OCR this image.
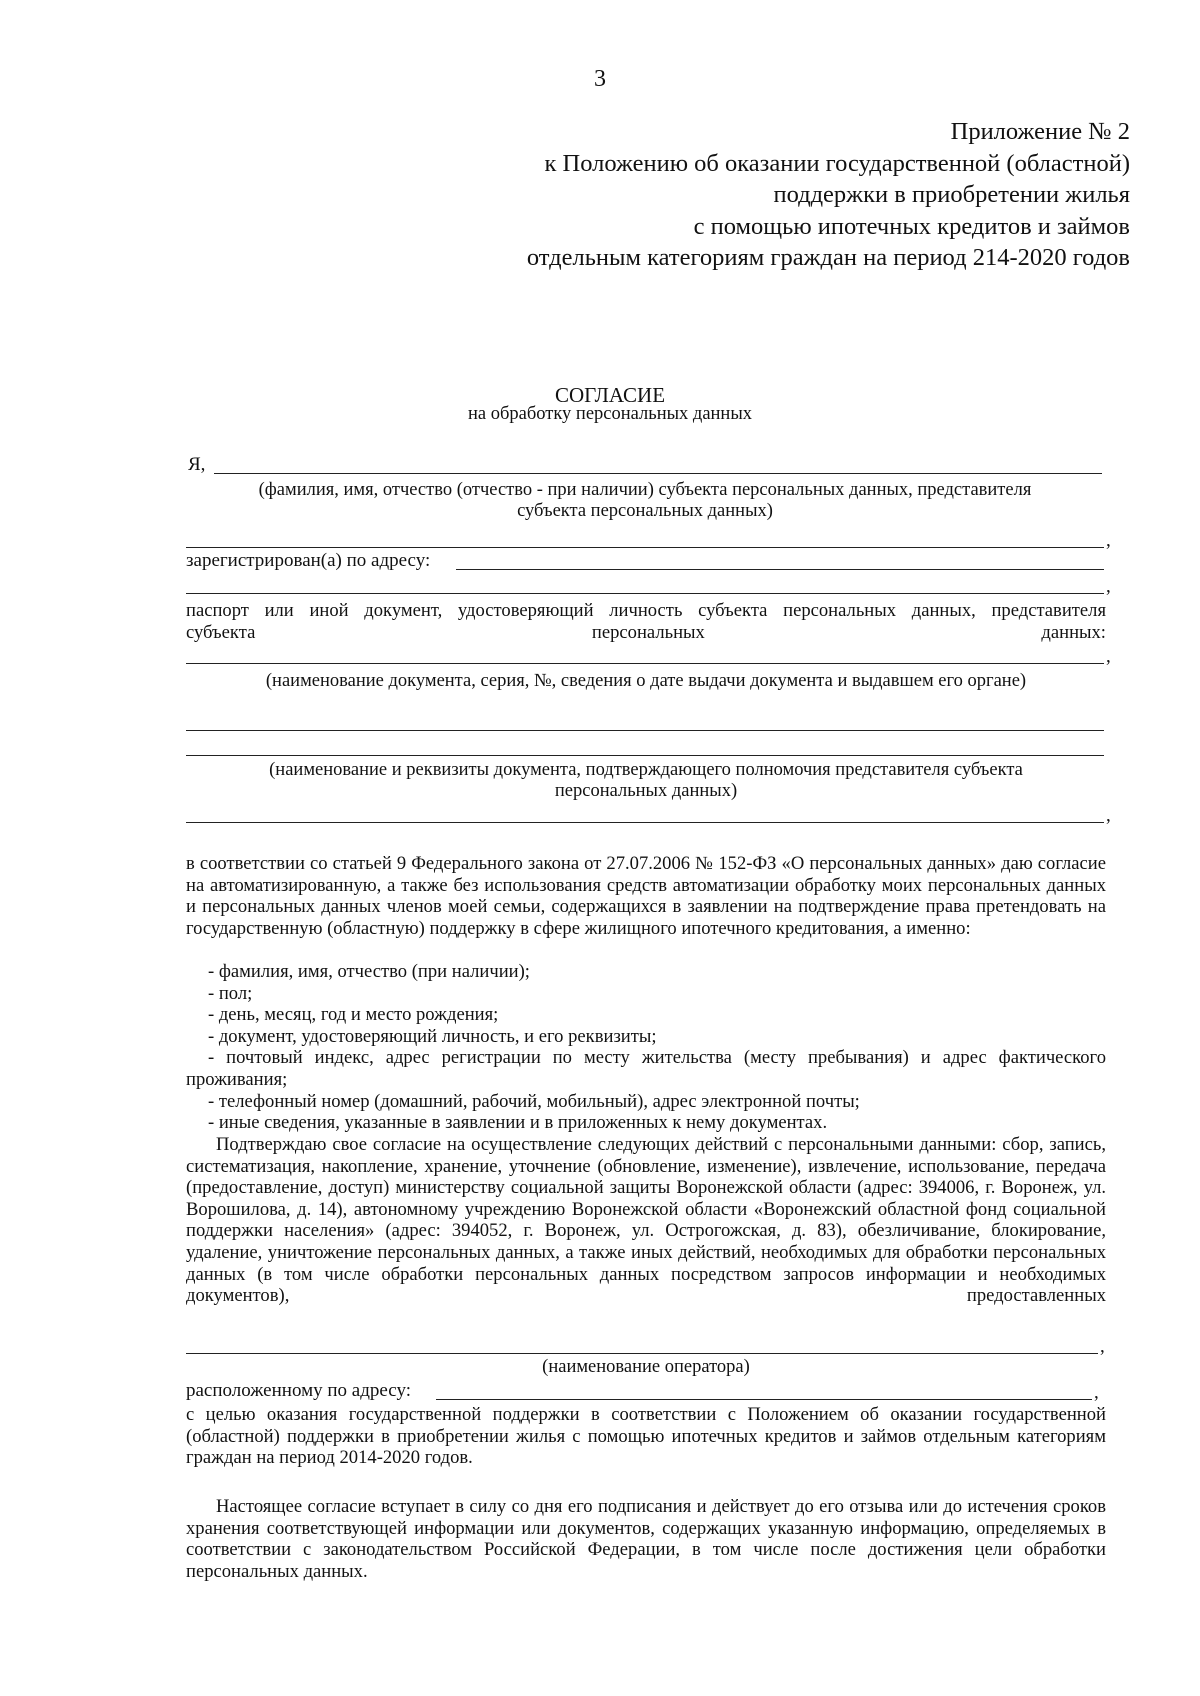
3
Приложение № 2
к Положению об оказании государственной (областной)
поддержки в приобретении жилья
с помощью ипотечных кредитов и займов
отдельным категориям граждан на период 214-2020 годов
СОГЛАСИЕ
на обработку персональных данных
Я,
(фамилия, имя, отчество (отчество - при наличии) субъекта персональных данных, представителя
субъекта персональных данных)
,
зарегистрирован(а) по адресу:
,
паспорт или иной документ, удостоверяющий личность субъекта персональных данных, представителя
субъекта	персональных	данных:
,
(наименование документа, серия, №, сведения о дате выдачи документа и выдавшем его органе)
(наименование и реквизиты документа, подтверждающего полномочия представителя субъекта
персональных данных)
,
в соответствии со статьей 9 Федерального закона от 27.07.2006 № 152-ФЗ «О персональных данных» даю согласие на автоматизированную, а также без использования средств автоматизации обработку моих персональных данных и персональных данных членов моей семьи, содержащихся в заявлении на подтверждение права претендовать на государственную (областную) поддержку в сфере жилищного ипотечного кредитования, а именно:
- фамилия, имя, отчество (при наличии);
- пол;
- день, месяц, год и место рождения;
- документ, удостоверяющий личность, и его реквизиты;
- почтовый индекс, адрес регистрации по месту жительства (месту пребывания) и адрес фактического проживания;
- телефонный номер (домашний, рабочий, мобильный), адрес электронной почты;
- иные сведения, указанные в заявлении и в приложенных к нему документах.
Подтверждаю свое согласие на осуществление следующих действий с персональными данными: сбор, запись, систематизация, накопление, хранение, уточнение (обновление, изменение), извлечение, использование, передача (предоставление, доступ) министерству социальной защиты Воронежской области (адрес: 394006, г. Воронеж, ул. Ворошилова, д. 14), автономному учреждению Воронежской области «Воронежский областной фонд социальной поддержки населения» (адрес: 394052, г. Воронеж, ул. Острогожская, д. 83), обезличивание, блокирование, удаление, уничтожение персональных данных, а также иных действий, необходимых для обработки персональных данных (в том числе обработки персональных данных посредством запросов информации и необходимых документов), предоставленных
,
(наименование оператора)
расположенному по адресу:	,
с целью оказания государственной поддержки в соответствии с Положением об оказании государственной (областной) поддержки в приобретении жилья с помощью ипотечных кредитов и займов отдельным категориям граждан на период 2014-2020 годов.
Настоящее согласие вступает в силу со дня его подписания и действует до его отзыва или до истечения сроков хранения соответствующей информации или документов, содержащих указанную информацию, определяемых в соответствии с законодательством Российской Федерации, в том числе после достижения цели обработки персональных данных.
